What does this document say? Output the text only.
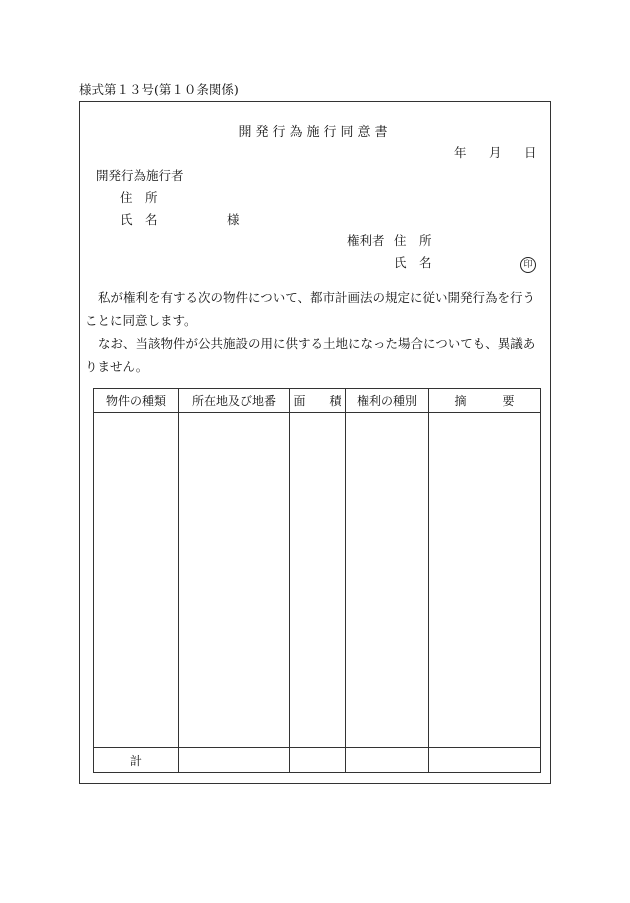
様式第１３号(第１０条関係)
開発行為施行同意書
年 月 日
開発行為施行者
住　所
氏　名	様
権利者 住　所
氏　名	印
私が権利を有する次の物件について、都市計画法の規定に従い開発行為を行うことに同意します。
なお、当該物件が公共施設の用に供する土地になった場合についても、異議ありません。
物件の種類	所在地及び地番	面　　積	権利の種別	摘　　　要

計				
